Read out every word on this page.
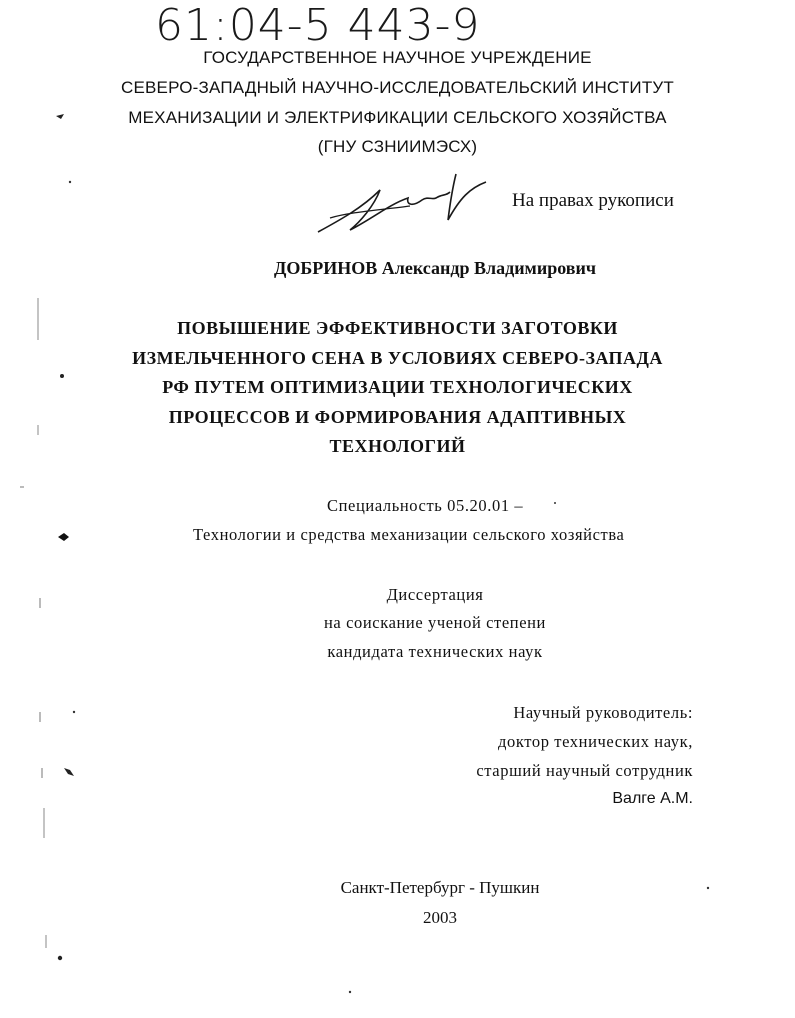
61:04-5 443-9
ГОСУДАРСТВЕННОЕ НАУЧНОЕ УЧРЕЖДЕНИЕ
СЕВЕРО-ЗАПАДНЫЙ НАУЧНО-ИССЛЕДОВАТЕЛЬСКИЙ ИНСТИТУТ
МЕХАНИЗАЦИИ И ЭЛЕКТРИФИКАЦИИ СЕЛЬСКОГО ХОЗЯЙСТВА
(ГНУ СЗНИИМЭСХ)
На правах рукописи
ДОБРИНОВ Александр Владимирович
ПОВЫШЕНИЕ ЭФФЕКТИВНОСТИ ЗАГОТОВКИ
ИЗМЕЛЬЧЕННОГО СЕНА В УСЛОВИЯХ СЕВЕРО-ЗАПАДА
РФ ПУТЕМ ОПТИМИЗАЦИИ ТЕХНОЛОГИЧЕСКИХ
ПРОЦЕССОВ И ФОРМИРОВАНИЯ АДАПТИВНЫХ
ТЕХНОЛОГИЙ
Специальность 05.20.01 –
Технологии и средства механизации сельского хозяйства
Диссертация
на соискание ученой степени
кандидата технических наук
Научный руководитель:
доктор технических наук,
старший научный сотрудник
Валге А.М.
Санкт-Петербург - Пушкин
2003
